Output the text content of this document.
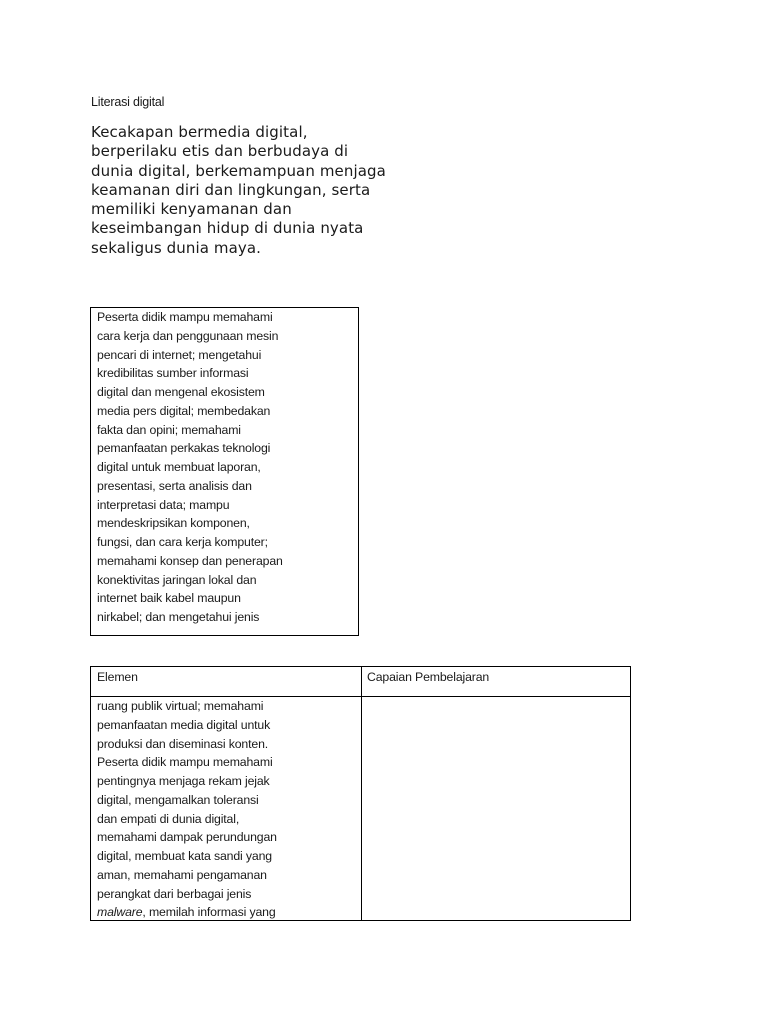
Literasi digital
Kecakapan bermedia digital,
berperilaku etis dan berbudaya di
dunia digital, berkemampuan menjaga
keamanan diri dan lingkungan, serta
memiliki kenyamanan dan
keseimbangan hidup di dunia nyata
sekaligus dunia maya.
Peserta didik mampu memahami
cara kerja dan penggunaan mesin
pencari di internet; mengetahui
kredibilitas sumber informasi
digital dan mengenal ekosistem
media pers digital; membedakan
fakta dan opini; memahami
pemanfaatan perkakas teknologi
digital untuk membuat laporan,
presentasi, serta analisis dan
interpretasi data; mampu
mendeskripsikan komponen,
fungsi, dan cara kerja komputer;
memahami konsep dan penerapan
konektivitas jaringan lokal dan
internet baik kabel maupun
nirkabel; dan mengetahui jenis
Elemen	Capaian Pembelajaran
ruang publik virtual; memahami
pemanfaatan media digital untuk
produksi dan diseminasi konten.
Peserta didik mampu memahami
pentingnya menjaga rekam jejak
digital, mengamalkan toleransi
dan empati di dunia digital,
memahami dampak perundungan
digital, membuat kata sandi yang
aman, memahami pengamanan
perangkat dari berbagai jenis
malware, memilah informasi yang
